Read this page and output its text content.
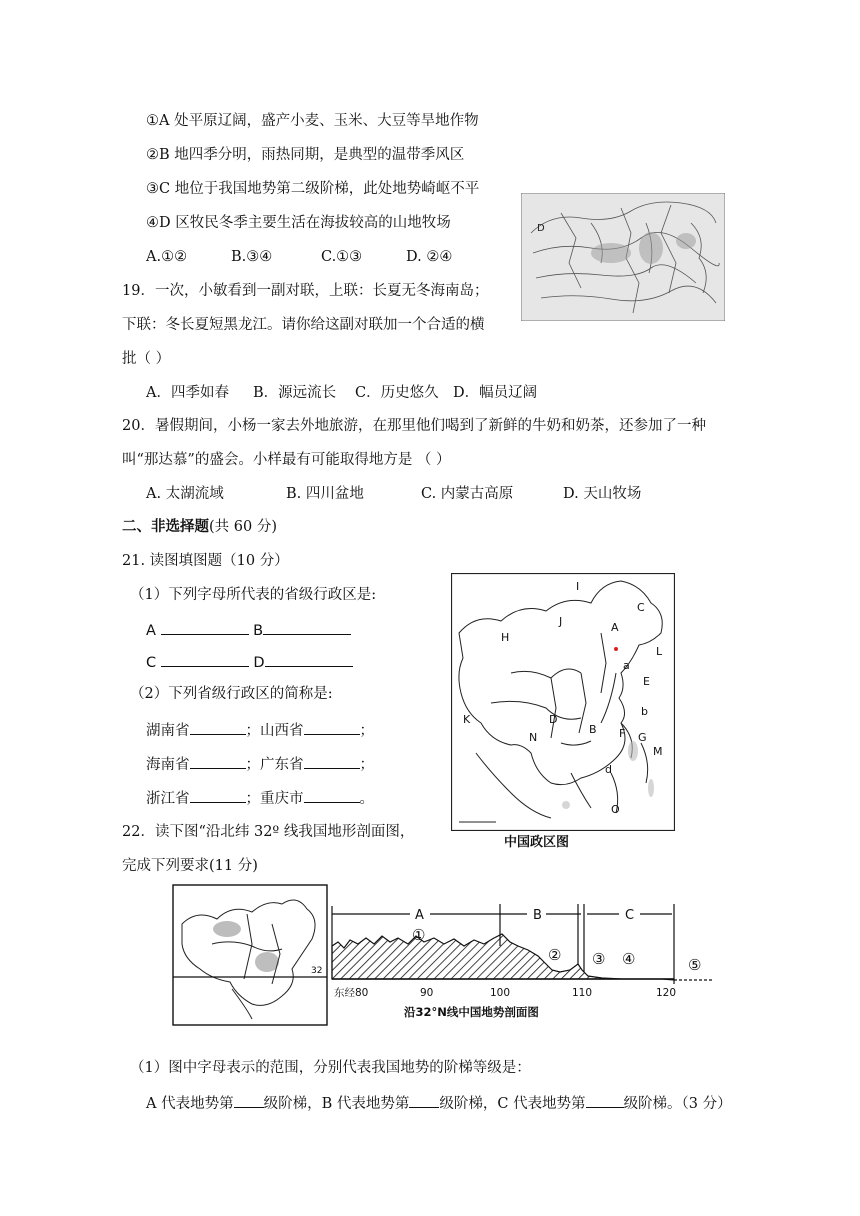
①A 处平原辽阔，盛产小麦、玉米、大豆等旱地作物
②B 地四季分明，雨热同期，是典型的温带季风区
③C 地位于我国地势第二级阶梯，此处地势崎岖不平
④D 区牧民冬季主要生活在海拔较高的山地牧场
A.①②	B.③④	C.①③	D. ②④
D
19．一次，小敏看到一副对联，上联：长夏无冬海南岛；
下联：冬长夏短黑龙江。请你给这副对联加一个合适的横
批（ ）
A．四季如春 B．源远流长 C．历史悠久 D．幅员辽阔
20．暑假期间，小杨一家去外地旅游，在那里他们喝到了新鲜的牛奶和奶茶，还参加了一种
叫“那达慕”的盛会。小样最有可能取得地方是 （ ）
A. 太湖流域	B. 四川盆地	C. 内蒙古高原	D. 天山牧场
二、非选择题(共 60 分)
21. 读图填图题（10 分）
（1）下列字母所代表的省级行政区是:
A	B
C	D
（2）下列省级行政区的简称是:
湖南省	；山西省	；
海南省	；广东省	；
浙江省	；重庆市	。
I
C
J	A
H
L
a
E
b
K
N
D
B F G
M
d
O
中国政区图
22．读下图“沿北纬 32º 线我国地形剖面图，
完成下列要求(11 分)
32
A	B	C
①
② ③ ④	⑤
东经80	90	100	110	120
沿32°N线中国地势剖面图
（1）图中字母表示的范围，分别代表我国地势的阶梯等级是：
A 代表地势第 级阶梯，B 代表地势第 级阶梯，C 代表地势第	级阶梯。（3 分）
